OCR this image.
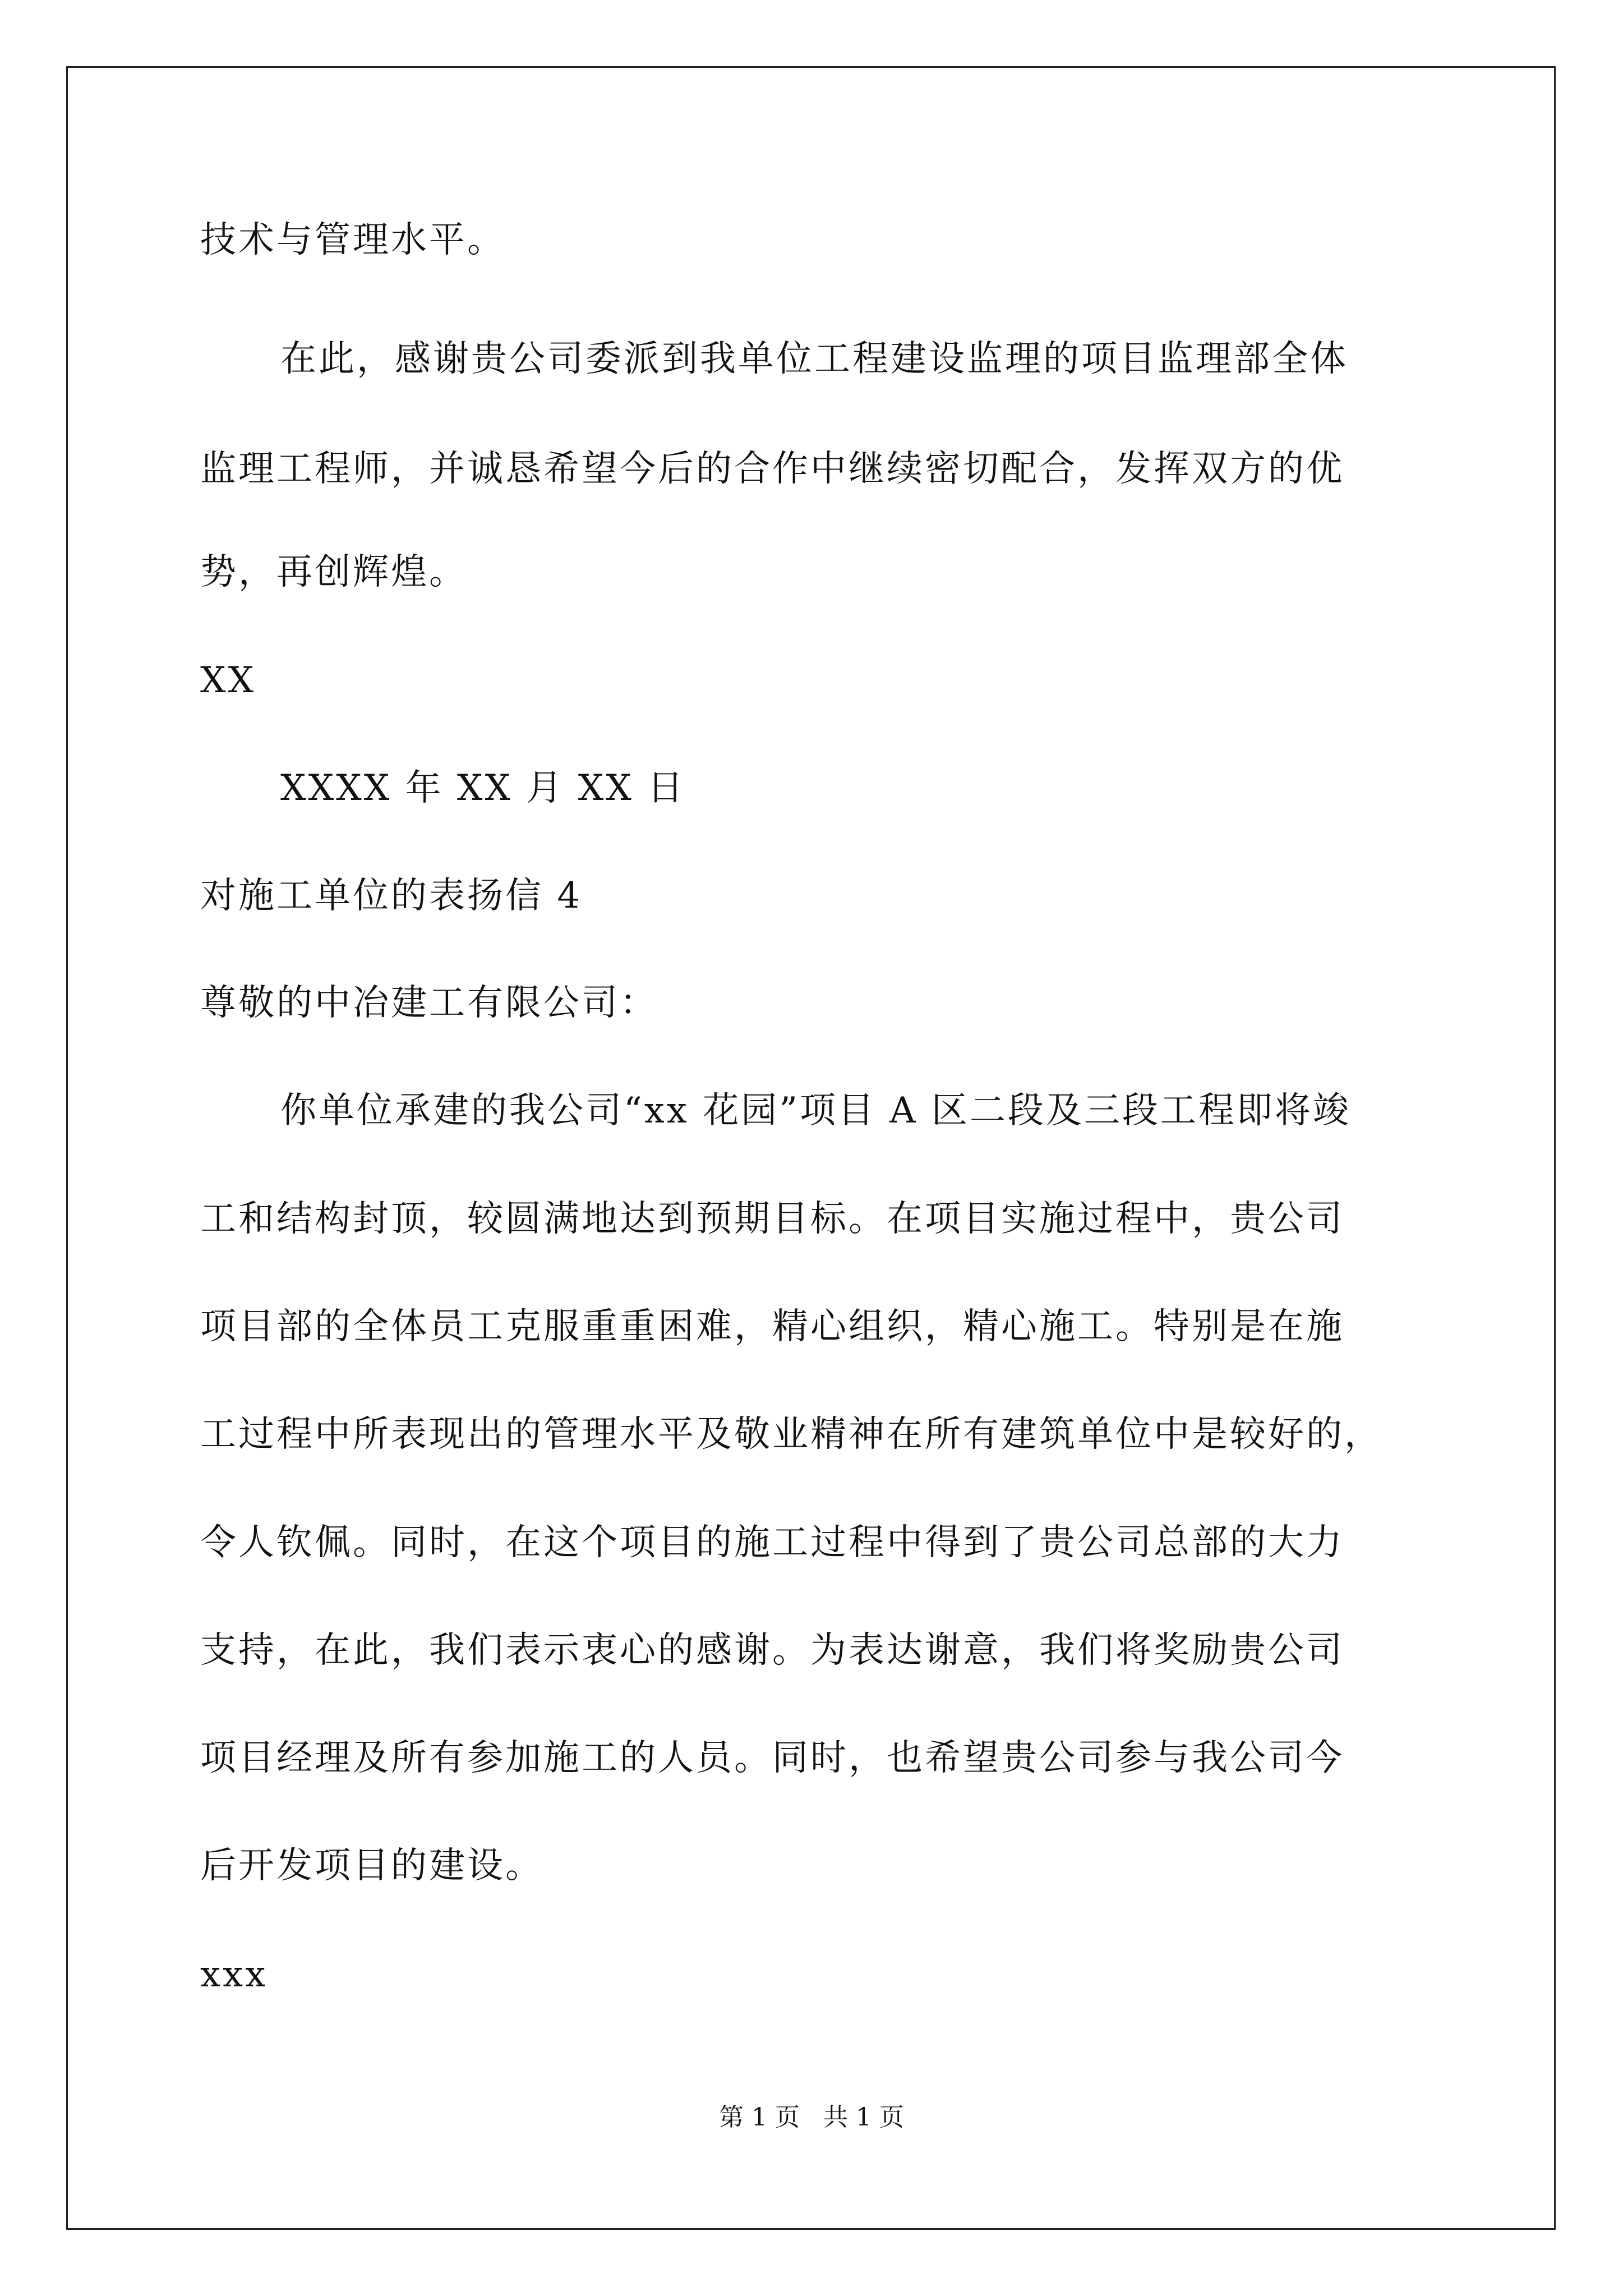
技术与管理水平。
在此，感谢贵公司委派到我单位工程建设监理的项目监理部全体
监理工程师，并诚恳希望今后的合作中继续密切配合，发挥双方的优
势，再创辉煌。
XX
XXXX 年 XX 月 XX 日
对施工单位的表扬信 4
尊敬的中冶建工有限公司：
你单位承建的我公司“xx 花园”项目 A 区二段及三段工程即将竣
工和结构封顶，较圆满地达到预期目标。在项目实施过程中，贵公司
项目部的全体员工克服重重困难，精心组织，精心施工。特别是在施
工过程中所表现出的管理水平及敬业精神在所有建筑单位中是较好的，
令人钦佩。同时，在这个项目的施工过程中得到了贵公司总部的大力
支持，在此，我们表示衷心的感谢。为表达谢意，我们将奖励贵公司
项目经理及所有参加施工的人员。同时，也希望贵公司参与我公司今
后开发项目的建设。
xxx
第 1 页   共 1 页
